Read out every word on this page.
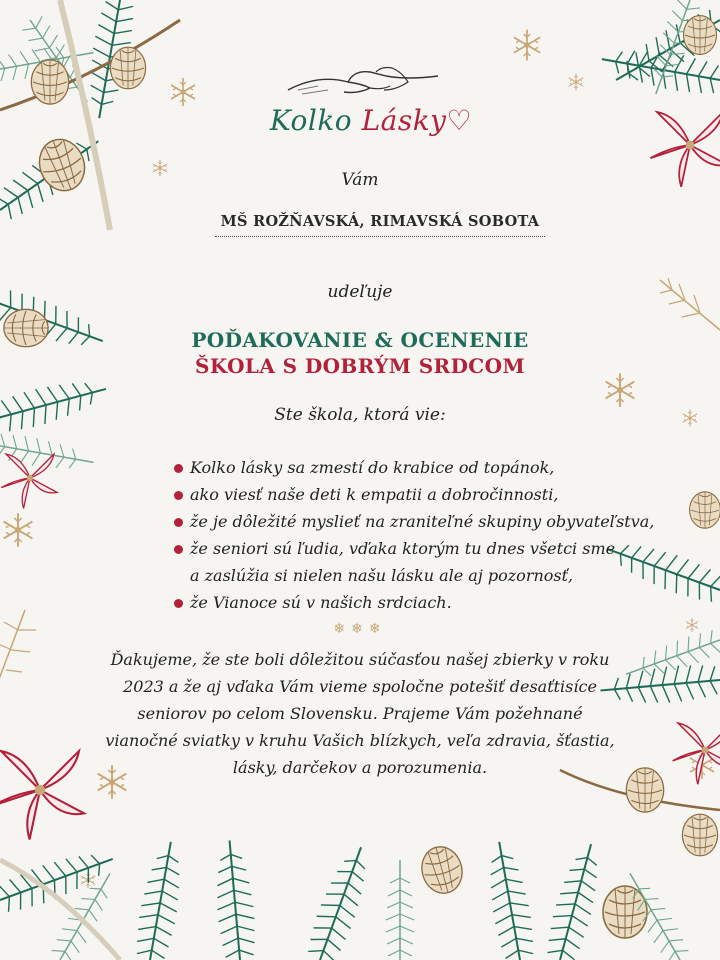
Kolko Lásky♡
Vám
MŠ ROŽŇAVSKÁ, RIMAVSKÁ SOBOTA
udeľuje
POĎAKOVANIE & OCENENIE
ŠKOLA S DOBRÝM SRDCOM
Ste škola, ktorá vie:
Kolko lásky sa zmestí do krabice od topánok,
ako viesť naše deti k empatii a dobročinnosti,
že je dôležité myslieť na zraniteľné skupiny obyvateľstva,
že seniori sú ľudia, vďaka ktorým tu dnes všetci sme
a zaslúžia si nielen našu lásku ale aj pozornosť,
že Vianoce sú v našich srdciach.
❄❄❄
Ďakujeme, že ste boli dôležitou súčasťou našej zbierky v roku
2023 a že aj vďaka Vám vieme spoločne potešiť desaťtisíce
seniorov po celom Slovensku. Prajeme Vám požehnané
vianočné sviatky v kruhu Vašich blízkych, veľa zdravia, šťastia,
lásky, darčekov a porozumenia.
